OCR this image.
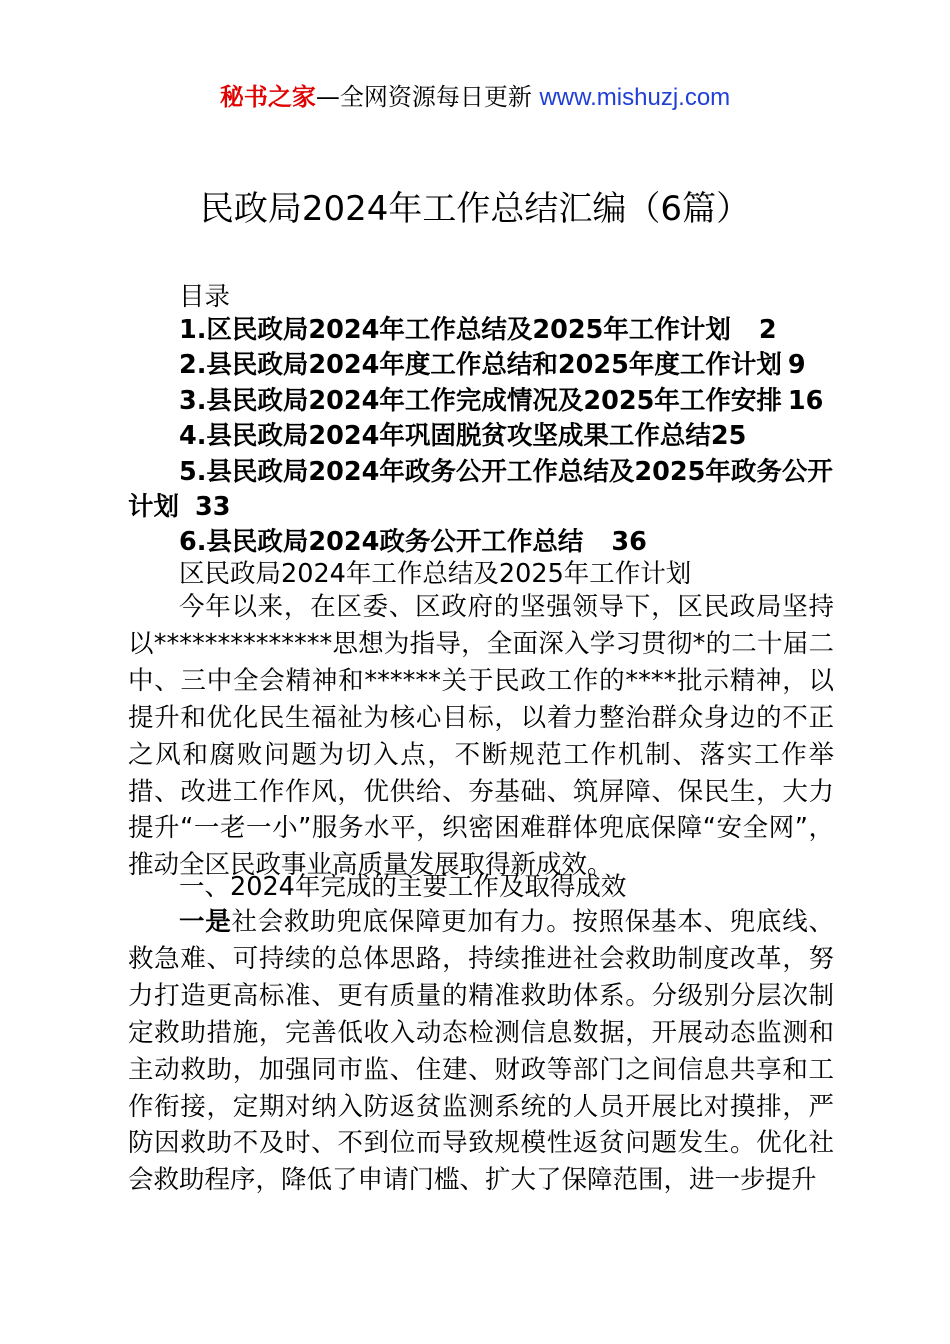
秘书之家—全网资源每日更新 www.mishuzj.com
民政局2024年工作总结汇编（6篇）
目录

1.区民政局2024年工作总结及2025年工作计划 2

2.县民政局2024年度工作总结和2025年度工作计划 9

3.县民政局2024年工作完成情况及2025年工作安排 16

4.县民政局2024年巩固脱贫攻坚成果工作总结25

5.县民政局2024年政务公开工作总结及2025年政务公开计划 33

6.县民政局2024政务公开工作总结 36

区民政局2024年工作总结及2025年工作计划

今年以来，在区委、区政府的坚强领导下，区民政局坚持以**************思想为指导，全面深入学习贯彻*的二十届二中、三中全会精神和******关于民政工作的****批示精神，以提升和优化民生福祉为核心目标，以着力整治群众身边的不正之风和腐败问题为切入点，不断规范工作机制、落实工作举措、改进工作作风，优供给、夯基础、筑屏障、保民生，大力提升“一老一小”服务水平，织密困难群体兜底保障“安全网”，推动全区民政事业高质量发展取得新成效。

一、2024年完成的主要工作及取得成效

一是社会救助兜底保障更加有力。按照保基本、兜底线、救急难、可持续的总体思路，持续推进社会救助制度改革，努力打造更高标准、更有质量的精准救助体系。分级别分层次制定救助措施，完善低收入动态检测信息数据，开展动态监测和主动救助，加强同市监、住建、财政等部门之间信息共享和工作衔接，定期对纳入防返贫监测系统的人员开展比对摸排，严防因救助不及时、不到位而导致规模性返贫问题发生。优化社会救助程序，降低了申请门槛、扩大了保障范围，进一步提升
